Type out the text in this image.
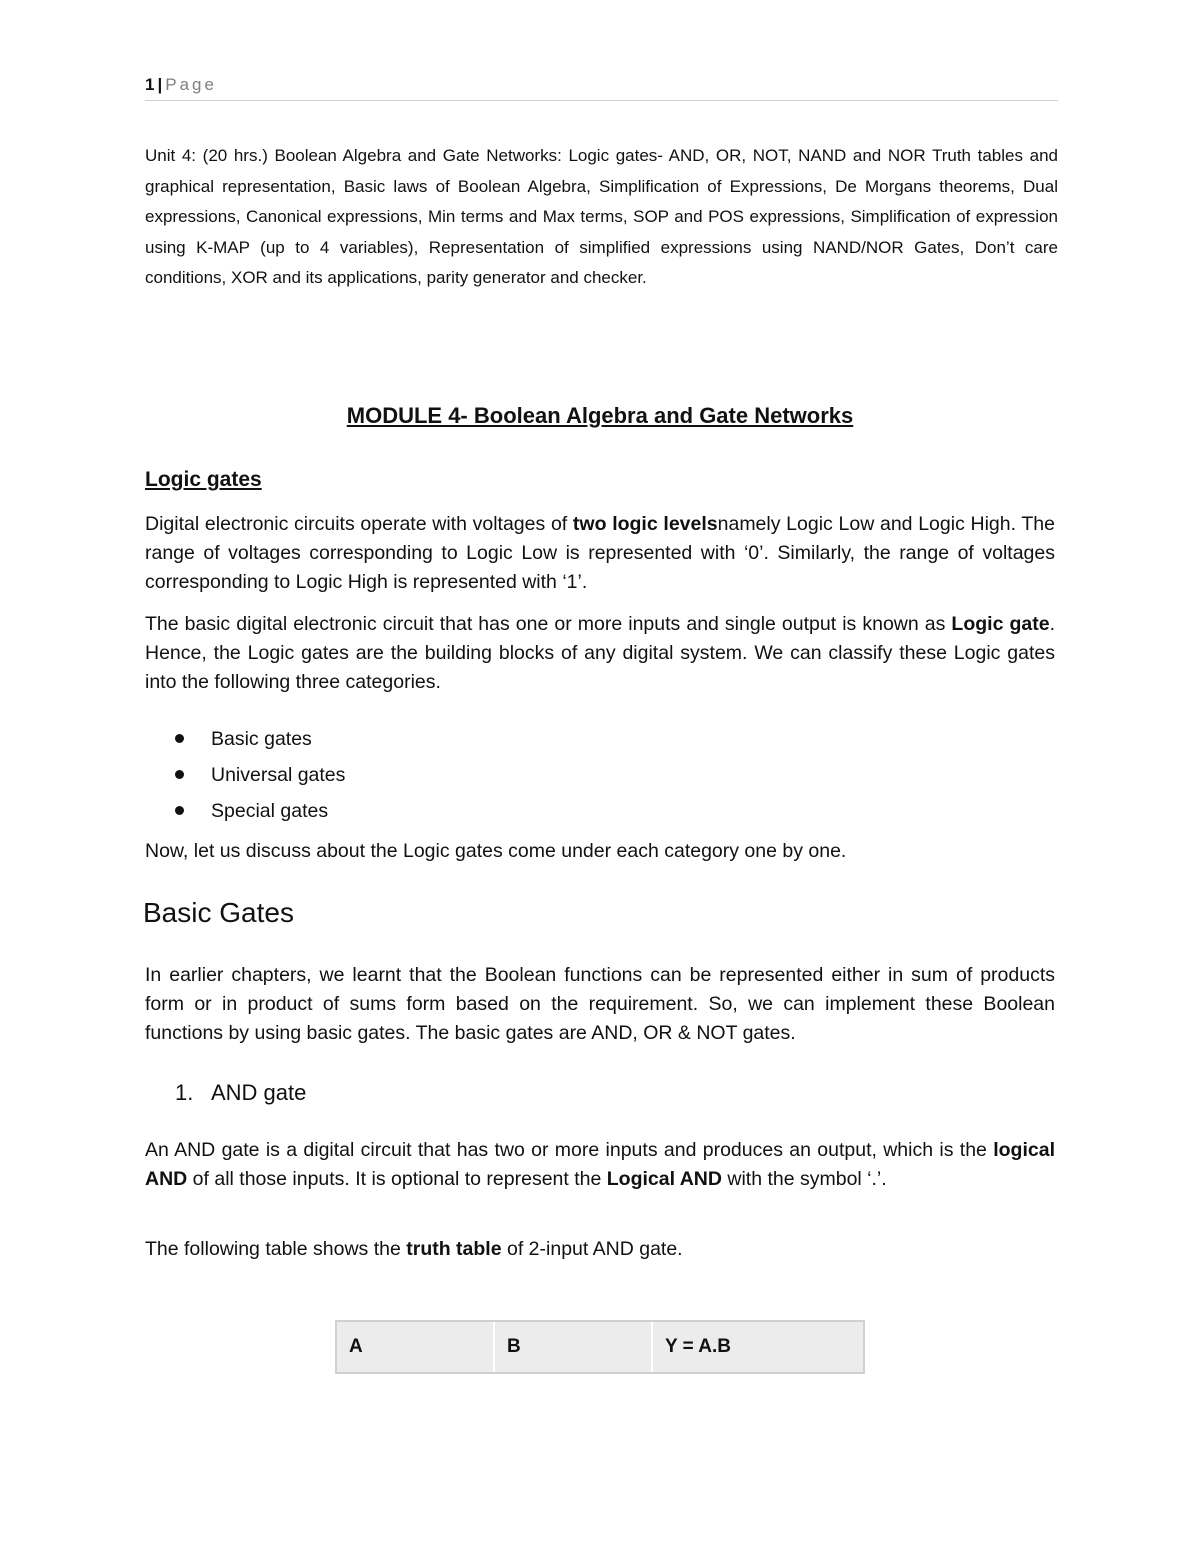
1 | Page

Unit 4: (20 hrs.) Boolean Algebra and Gate Networks: Logic gates- AND, OR, NOT, NAND and NOR Truth tables and graphical representation, Basic laws of Boolean Algebra, Simplification of Expressions, De Morgans theorems, Dual expressions, Canonical expressions, Min terms and Max terms, SOP and POS expressions, Simplification of expression using K-MAP (up to 4 variables), Representation of simplified expressions using NAND/NOR Gates, Don’t care conditions, XOR and its applications, parity generator and checker.

MODULE 4- Boolean Algebra and Gate Networks
Logic gates

Digital electronic circuits operate with voltages of two logic levelsnamely Logic Low and Logic High. The range of voltages corresponding to Logic Low is represented with ‘0’. Similarly, the range of voltages corresponding to Logic High is represented with ‘1’.

The basic digital electronic circuit that has one or more inputs and single output is known as Logic gate. Hence, the Logic gates are the building blocks of any digital system. We can classify these Logic gates into the following three categories.

Basic gates
Universal gates
Special gates

Now, let us discuss about the Logic gates come under each category one by one.

Basic Gates

In earlier chapters, we learnt that the Boolean functions can be represented either in sum of products form or in product of sums form based on the requirement. So, we can implement these Boolean functions by using basic gates. The basic gates are AND, OR & NOT gates.

1. AND gate

An AND gate is a digital circuit that has two or more inputs and produces an output, which is the logical AND of all those inputs. It is optional to represent the Logical AND with the symbol ‘.’.

The following table shows the truth table of 2-input AND gate.

A	B	Y = A.B
